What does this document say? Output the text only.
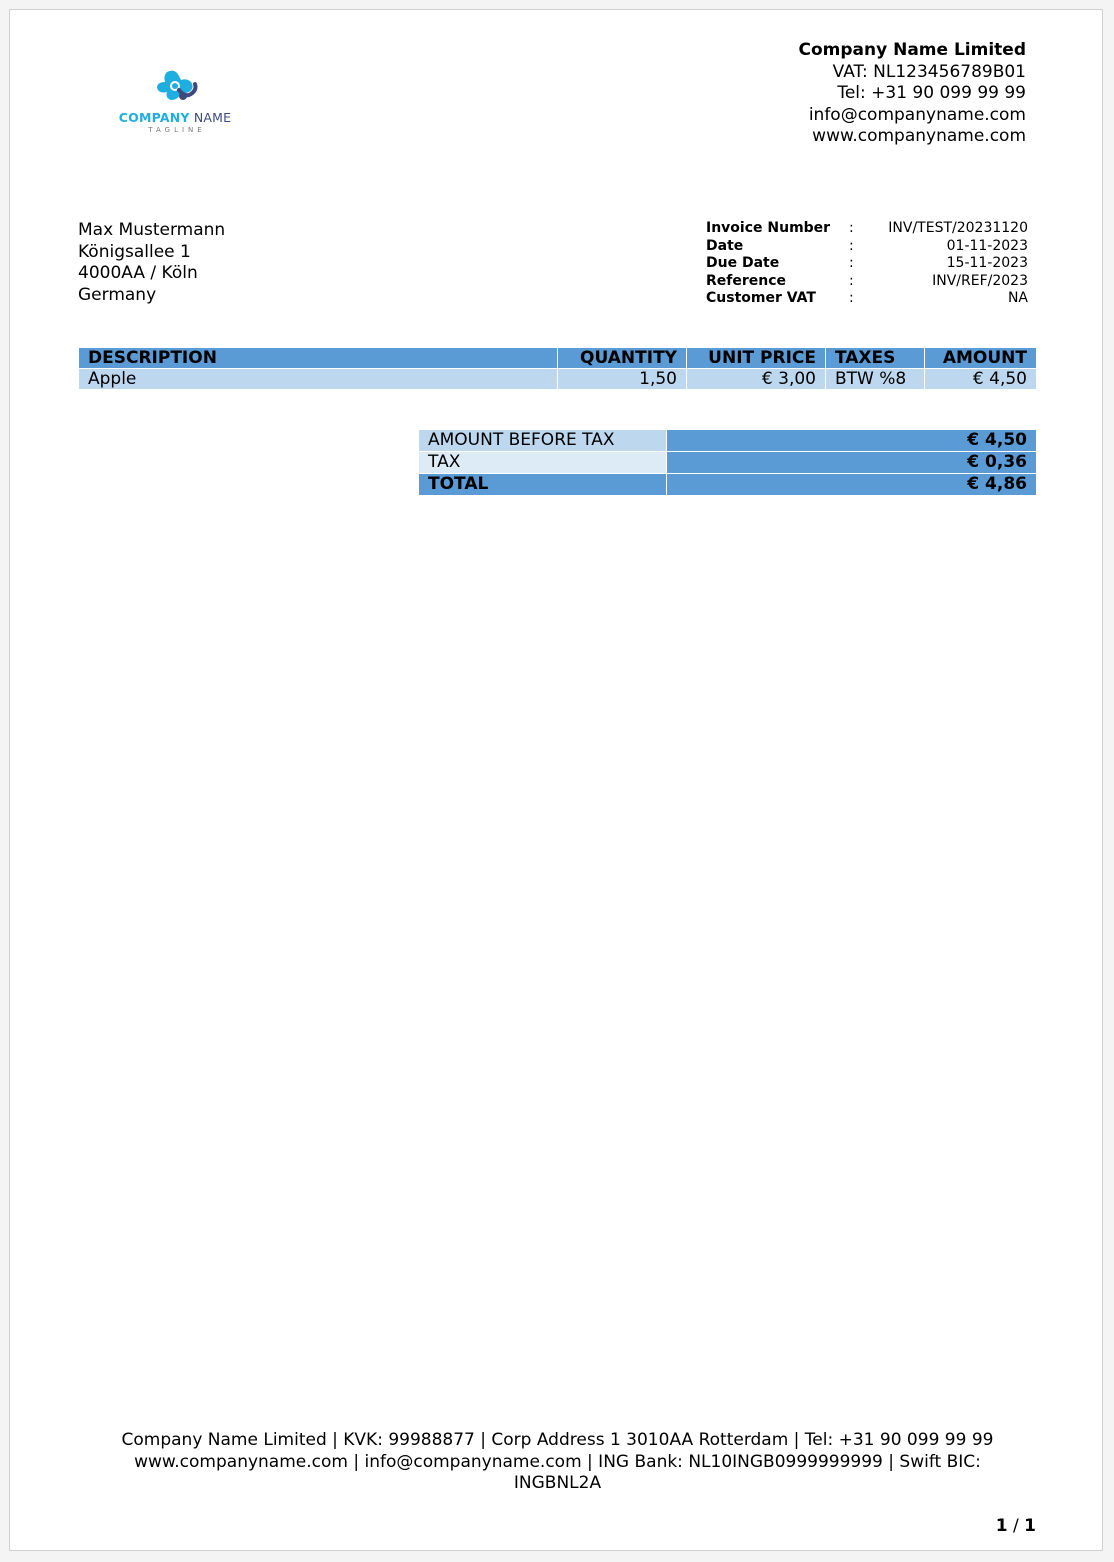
COMPANY NAME
TAGLINE
Company Name Limited
VAT: NL123456789B01
Tel: +31 90 099 99 99
info@companyname.com
www.companyname.com
Max Mustermann
Königsallee 1
4000AA / Köln
Germany
Invoice Number	:	INV/TEST/20231120
Date	:	01-11-2023
Due Date	:	15-11-2023
Reference	:	INV/REF/2023
Customer VAT	:	NA
DESCRIPTION	QUANTITY	UNIT PRICE	TAXES	AMOUNT
Apple	1,50	€ 3,00	BTW %8	€ 4,50
AMOUNT BEFORE TAX	€ 4,50
TAX	€ 0,36
TOTAL	€ 4,86
Company Name Limited | KVK: 99988877 | Corp Address 1 3010AA Rotterdam | Tel: +31 90 099 99 99
www.companyname.com | info@companyname.com | ING Bank: NL10INGB0999999999 | Swift BIC:
INGBNL2A
1 / 1
